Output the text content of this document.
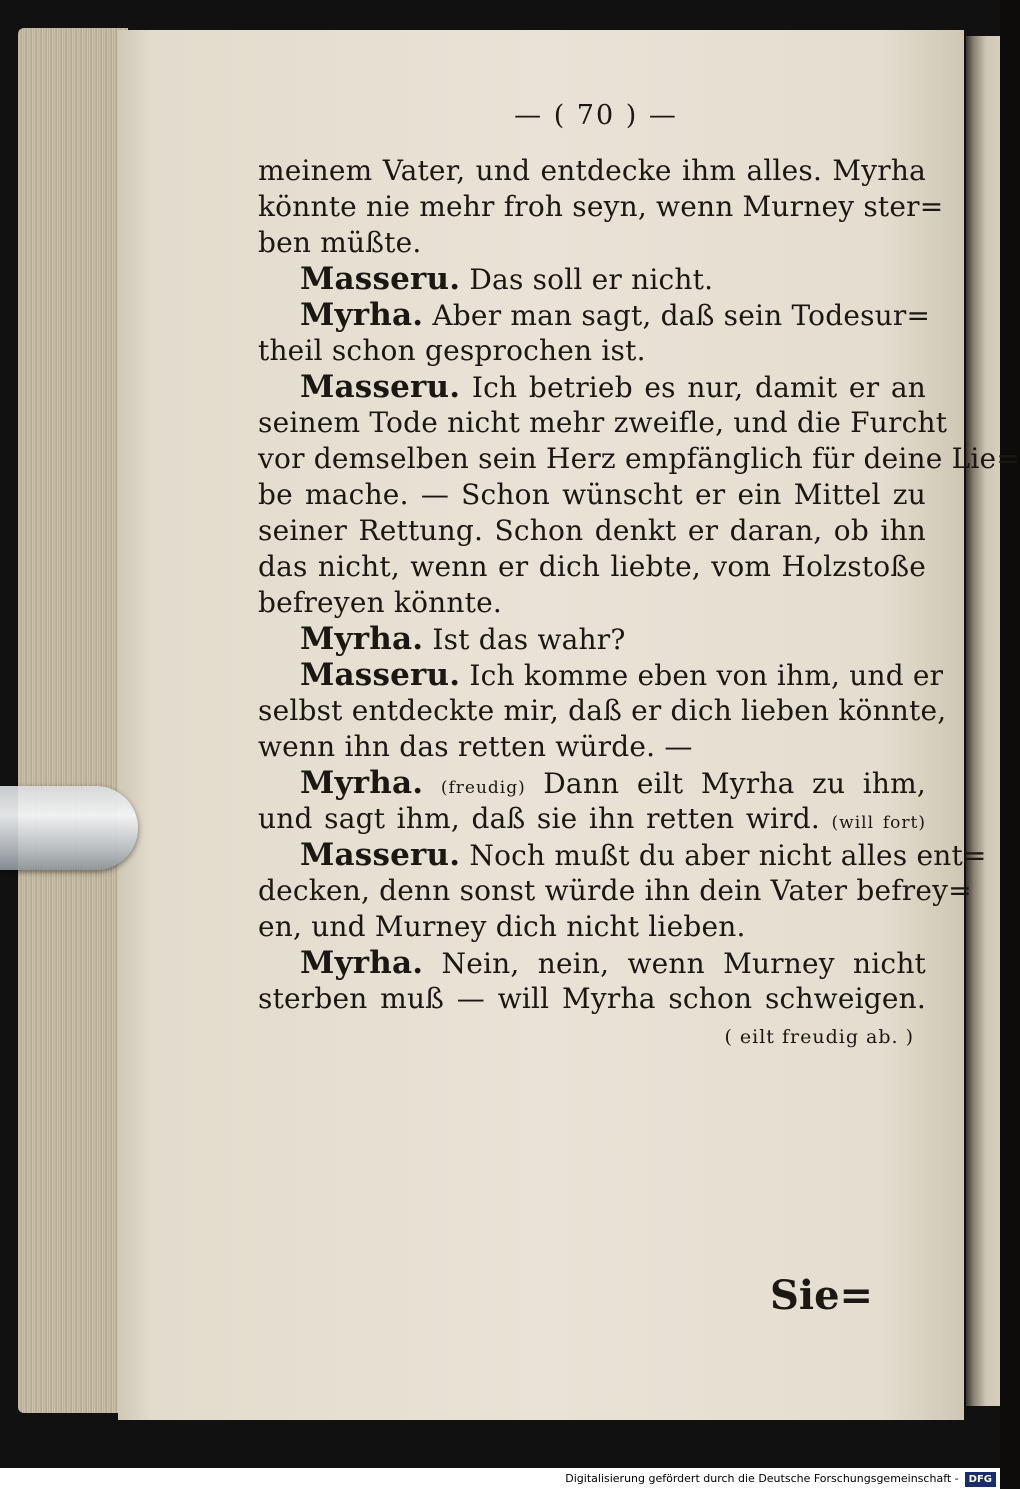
— ( 70 ) —
meinem Vater, und entdecke ihm alles. Myrha
könnte nie mehr froh seyn, wenn Murney ster=
ben müßte.
Masseru. Das soll er nicht.
Myrha. Aber man sagt, daß sein Todesur=
theil schon gesprochen ist.
Masseru. Ich betrieb es nur, damit er an
seinem Tode nicht mehr zweifle, und die Furcht
vor demselben sein Herz empfänglich für deine Lie=
be mache. — Schon wünscht er ein Mittel zu
seiner Rettung. Schon denkt er daran, ob ihn
das nicht, wenn er dich liebte, vom Holzstoße
befreyen könnte.
Myrha. Ist das wahr?
Masseru. Ich komme eben von ihm, und er
selbst entdeckte mir, daß er dich lieben könnte,
wenn ihn das retten würde. —
Myrha. (freudig) Dann eilt Myrha zu ihm,
und sagt ihm, daß sie ihn retten wird. (will fort)
Masseru. Noch mußt du aber nicht alles ent=
decken, denn sonst würde ihn dein Vater befrey=
en, und Murney dich nicht lieben.
Myrha. Nein, nein, wenn Murney nicht
sterben muß — will Myrha schon schweigen.
( eilt freudig ab. )
Sie=
Digitalisierung gefördert durch die Deutsche Forschungsgemeinschaft - DFG
